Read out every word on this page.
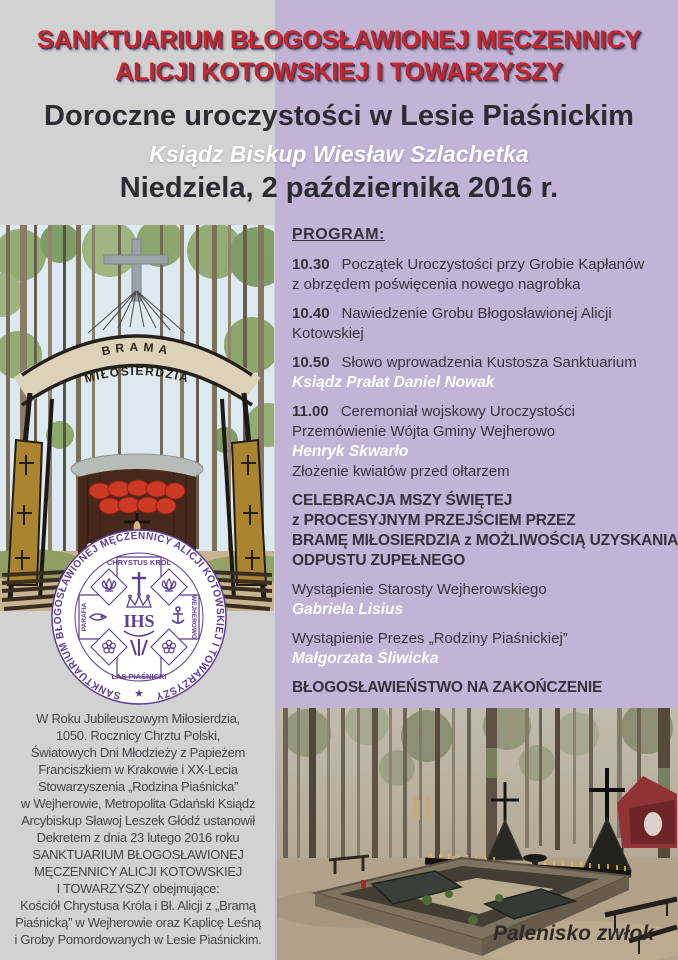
SANKTUARIUM BŁOGOSŁAWIONEJ MĘCZENNICY
ALICJI KOTOWSKIEJ I TOWARZYSZY
Doroczne uroczystości w Lesie Piaśnickim
Ksiądz Biskup Wiesław Szlachetka
Niedziela, 2 października 2016 r.
BRAMA
MIŁOSIERDZIA
SANKTUARIUM BŁOGOSŁAWIONEJ MĘCZENNICY ALICJI KOTOWSKIEJ I TOWARZYSZY
★
CHRYSTUS KRÓL
PARAFIA	WEJHEROWO
LAS PIAŚNICKI
IHS
W Roku Jubileuszowym Miłosierdzia,
1050. Rocznicy Chrztu Polski,
Światowych Dni Młodzieży z Papieżem
Franciszkiem w Krakowie i XX-Lecia
Stowarzyszenia „Rodzina Piaśnicka”
w Wejherowie, Metropolita Gdański Ksiądz
Arcybiskup Sławoj Leszek Głódź ustanowił
Dekretem z dnia 23 lutego 2016 roku
SANKTUARIUM BŁOGOSŁAWIONEJ
MĘCZENNICY ALICJI KOTOWSKIEJ
I TOWARZYSZY obejmujące:
Kościół Chrystusa Króla i Bł. Alicji z „Bramą
Piaśnicką” w Wejherowie oraz Kaplicę Leśną
i Groby Pomordowanych w Lesie Piaśnickim.
PROGRAM:
10.30 Początek Uroczystości przy Grobie Kapłanów
z obrzędem poświęcenia nowego nagrobka
10.40 Nawiedzenie Grobu Błogosławionej Alicji
Kotowskiej
10.50 Słowo wprowadzenia Kustosza Sanktuarium
Ksiądz Prałat Daniel Nowak
11.00 Ceremoniał wojskowy Uroczystości
Przemówienie Wójta Gminy Wejherowo
Henryk Skwarło
Złożenie kwiatów przed ołtarzem
CELEBRACJA MSZY ŚWIĘTEJ
z PROCESYJNYM PRZEJŚCIEM PRZEZ
BRAMĘ MIŁOSIERDZIA z MOŻLIWOŚCIĄ UZYSKANIA
ODPUSTU ZUPEŁNEGO
Wystąpienie Starosty Wejherowskiego
Gabriela Lisius
Wystąpienie Prezes „Rodziny Piaśnickiej”
Małgorzata Śliwicka
BŁOGOSŁAWIEŃSTWO NA ZAKOŃCZENIE
Palenisko zwłok
